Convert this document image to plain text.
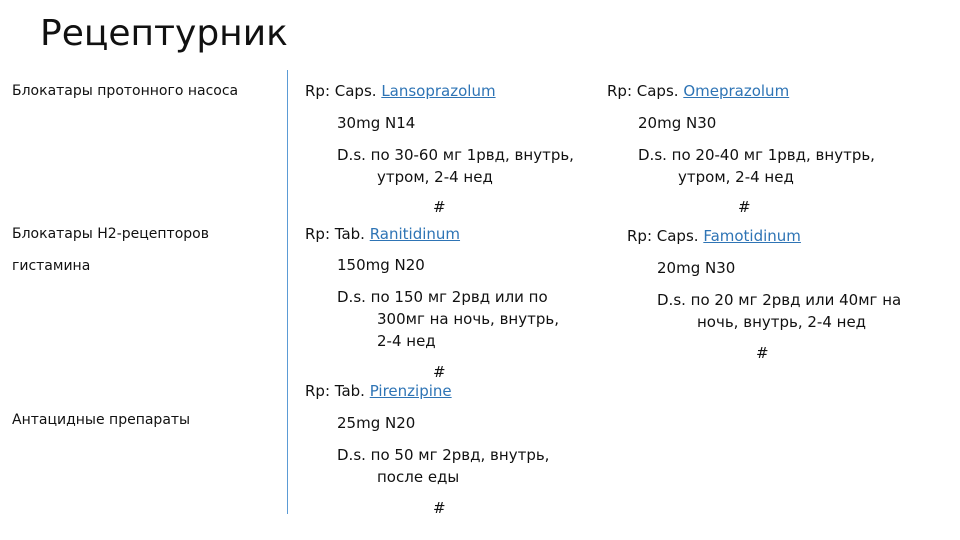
Рецептурник
Блокатары протонного насоса
Блокатары Н2-рецепторов
гистамина
Антацидные препараты
Rp: Caps. Lansoprazolum
30mg N14
D.s. по 30-60 мг 1рвд, внутрь,
утром, 2-4 нед
#
Rp: Tab. Ranitidinum
150mg N20
D.s. по 150 мг 2рвд или по
300мг на ночь, внутрь,
2-4 нед
#
Rp: Tab. Pirenzipine
25mg N20
D.s. по 50 мг 2рвд, внутрь,
после еды
#
Rp: Caps. Omeprazolum
20mg N30
D.s. по 20-40 мг 1рвд, внутрь,
утром, 2-4 нед
#
Rp: Caps. Famotidinum
20mg N30
D.s. по 20 мг 2рвд или 40мг на
ночь, внутрь, 2-4 нед
#
